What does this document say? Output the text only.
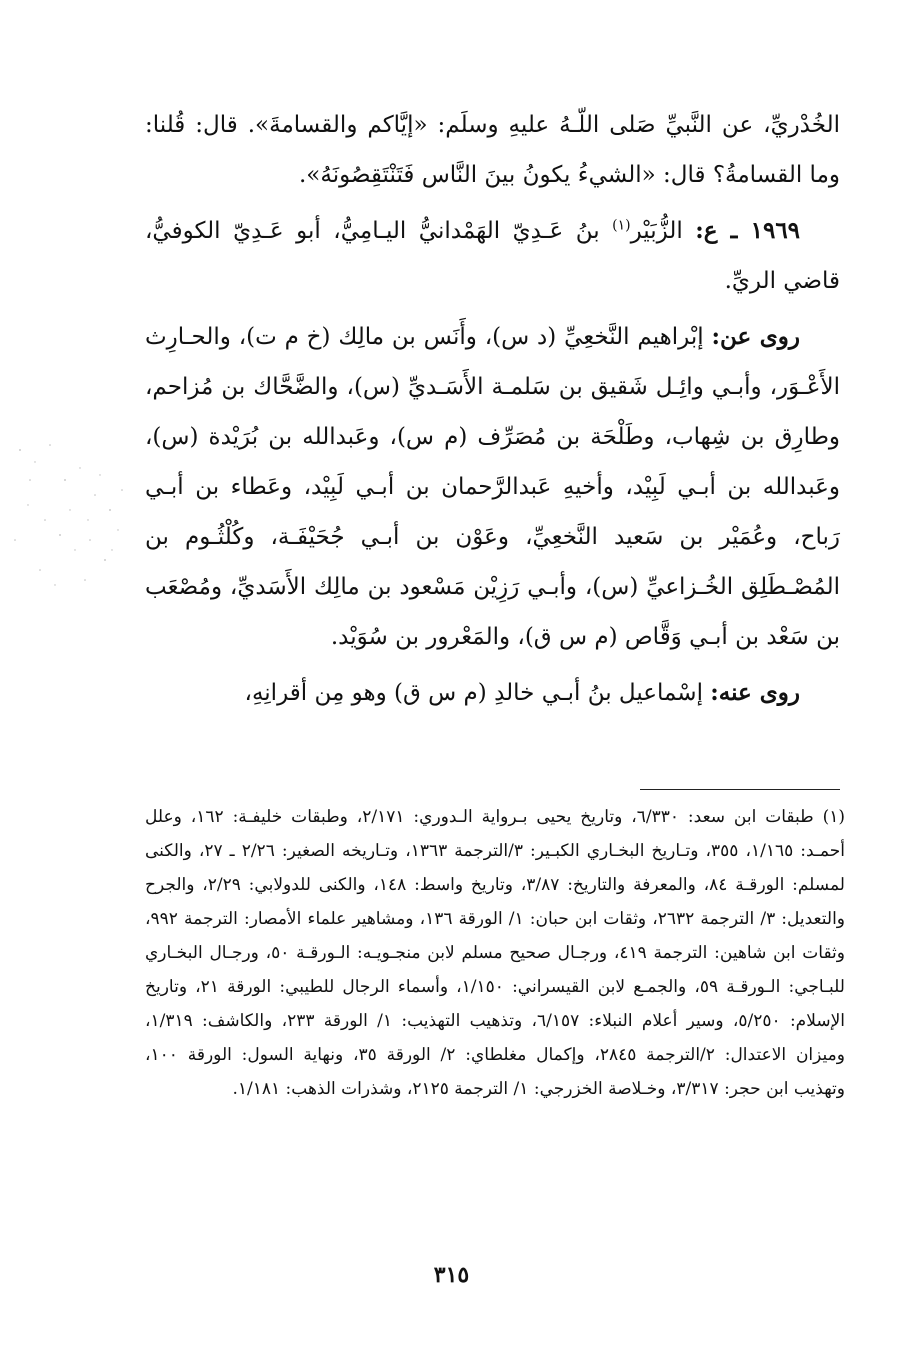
الخُدْريِّ، عن النَّبيِّ صَلى اللّـهُ عليهِ وسلَم: «إيَّاكم والقسامةَ». قال: قُلنا: وما القسامةُ؟ قال: «الشيءُ يكونُ بينَ النَّاس فَتَنْتَقِصُونَهُ».

١٩٦٩ ـ ع: الزُّبَيْر$^{(١)}$ بنُ عَـدِيّ الهَمْدانيُّ اليـامِيُّ، أبو عَـدِيّ الكوفيُّ، قاضي الريِّ.

روى عن: إبْراهيم النَّخعِيِّ (د س)، وأَنَس بن مالِك (خ م ت)، والحـارِث الأَعْـوَر، وأبـي وائِـل شَقيق بن سَلمـة الأَسَـديِّ (س)، والضَّحَّاك بن مُزاحم، وطارِق بن شِهاب، وطَلْحَة بن مُصَرِّف (م س)، وعَبدالله بن بُرَيْدة (س)، وعَبدالله بن أبـي لَبِيْد، وأخيهِ عَبدالرَّحمان بن أبـي لَبِيْد، وعَطاء بن أبـي رَباح، وعُمَيْر بن سَعيد النَّخعِيِّ، وعَوْن بن أبـي جُحَيْفَـة، وكُلْثُـوم بن المُصْـطَلِق الخُـزاعيِّ (س)، وأبـي رَزِيْن مَسْعود بن مالِك الأَسَديِّ، ومُصْعَب بن سَعْد بن أبـي وَقَّاص (م س ق)، والمَعْرور بن سُوَيْد.

روى عنه: إسْماعيل بنُ أبـي خالدِ (م س ق) وهو مِن أقرانِهِ،

(١) طبقات ابن سعد: ٦/٣٣٠، وتاريخ يحيى بـرواية الـدوري: ٢/١٧١، وطبقات خليفـة: ١٦٢، وعلل أحمـد: ١/١٦٥، ٣٥٥، وتـاريخ البخـاري الكبـير: ٣/الترجمة ١٣٦٣، وتـاريخه الصغير: ٢/٢٦ ـ ٢٧، والكنى لمسلم: الورقـة ٨٤، والمعرفة والتاريخ: ٣/٨٧، وتاريخ واسط: ١٤٨، والكنى للدولابي: ٢/٢٩، والجرح والتعديل: ٣/ الترجمة ٢٦٣٢، وثقات ابن حبان: ١/ الورقة ١٣٦، ومشاهير علماء الأمصار: الترجمة ٩٩٢، وثقات ابن شاهين: الترجمة ٤١٩، ورجـال صحيح مسلم لابن منجـويـه: الـورقـة ٥٠، ورجـال البخـاري للبـاجي: الـورقـة ٥٩، والجمـع لابن القيسراني: ١/١٥٠، وأسماء الرجال للطيبي: الورقة ٢١، وتاريخ الإسلام: ٥/٢٥٠، وسير أعلام النبلاء: ٦/١٥٧، وتذهيب التهذيب: ١/ الورقة ٢٣٣، والكاشف: ١/٣١٩، وميزان الاعتدال: ٢/الترجمة ٢٨٤٥، وإكمال مغلطاي: ٢/ الورقة ٣٥، ونهاية السول: الورقة ١٠٠، وتهذيب ابن حجر: ٣/٣١٧، وخـلاصة الخزرجي: ١/ الترجمة ٢١٢٥، وشذرات الذهب: ١/١٨١.

٣١٥
